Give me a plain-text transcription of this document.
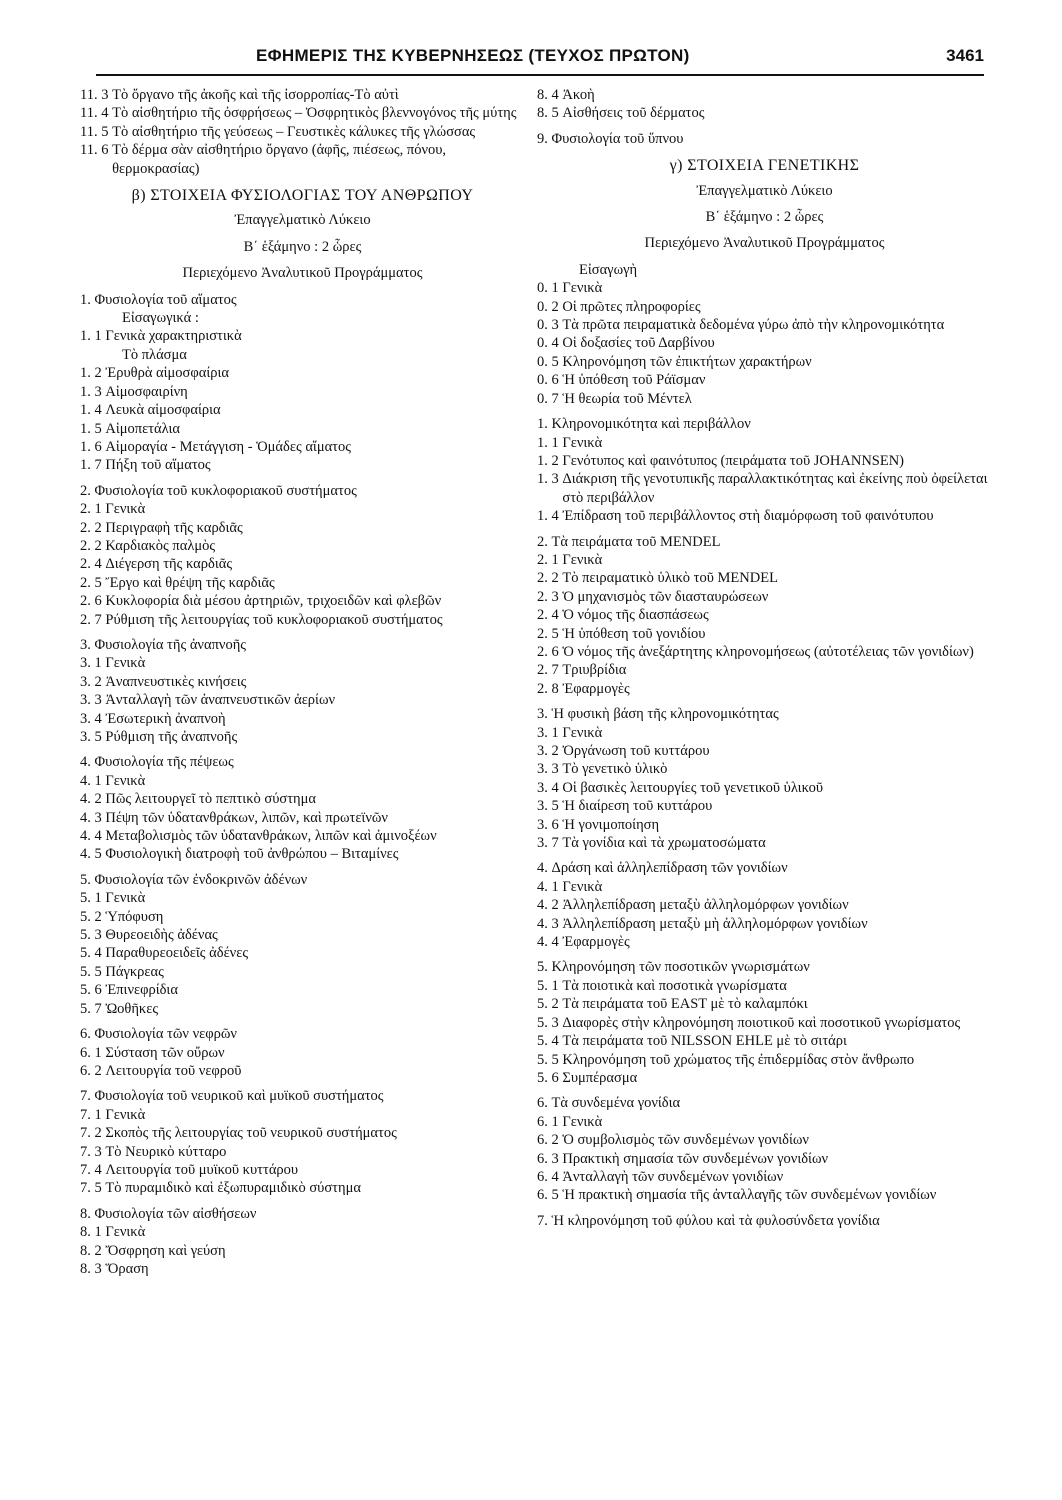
ΕΦΗΜΕΡΙΣ ΤΗΣ ΚΥΒΕΡΝΗΣΕΩΣ (ΤΕΥΧΟΣ ΠΡΩΤΟΝ)	3461
11. 3 Τὸ ὄργανο τῆς ἀκοῆς καὶ τῆς ἰσορροπίας-Τὸ αὐτὶ
11. 4 Τὸ αἰσθητήριο τῆς ὀσφρήσεως – Ὀσφρητικὸς βλεννογόνος τῆς μύτης
11. 5 Τὸ αἰσθητήριο τῆς γεύσεως – Γευστικὲς κάλυκες τῆς γλώσσας
11. 6 Τὸ δέρμα σὰν αἰσθητήριο ὄργανο (ἀφῆς, πιέσεως, πόνου, θερμοκρασίας)
β) ΣΤΟΙΧΕΙΑ ΦΥΣΙΟΛΟΓΙΑΣ ΤΟΥ ΑΝΘΡΩΠΟΥ
Ἐπαγγελματικὸ Λύκειο
Β΄ ἑξάμηνο : 2 ὧρες
Περιεχόμενο Ἀναλυτικοῦ Προγράμματος
1. Φυσιολογία τοῦ αἵματος
Εἰσαγωγικά :
1. 1 Γενικὰ χαρακτηριστικὰ
Τὸ πλάσμα
1. 2 Ἐρυθρὰ αἱμοσφαίρια
1. 3 Αἱμοσφαιρίνη
1. 4 Λευκὰ αἱμοσφαίρια
1. 5 Αἱμοπετάλια
1. 6 Αἱμοραγία - Μετάγγιση - Ὁμάδες αἵματος
1. 7 Πήξη τοῦ αἵματος
2. Φυσιολογία τοῦ κυκλοφοριακοῦ συστήματος
2. 1 Γενικὰ
2. 2 Περιγραφὴ τῆς καρδιᾶς
2. 2 Καρδιακὸς παλμὸς
2. 4 Διέγερση τῆς καρδιᾶς
2. 5 Ἔργο καὶ θρέψη τῆς καρδιᾶς
2. 6 Κυκλοφορία διὰ μέσου ἀρτηριῶν, τριχοειδῶν καὶ φλεβῶν
2. 7 Ρύθμιση τῆς λειτουργίας τοῦ κυκλοφοριακοῦ συστήματος
3. Φυσιολογία τῆς ἀναπνοῆς
3. 1 Γενικὰ
3. 2 Ἀναπνευστικὲς κινήσεις
3. 3 Ἀνταλλαγὴ τῶν ἀναπνευστικῶν ἀερίων
3. 4 Ἐσωτερικὴ ἀναπνοὴ
3. 5 Ρύθμιση τῆς ἀναπνοῆς
4. Φυσιολογία τῆς πέψεως
4. 1 Γενικὰ
4. 2 Πῶς λειτουργεῖ τὸ πεπτικὸ σύστημα
4. 3 Πέψη τῶν ὑδατανθράκων, λιπῶν, καὶ πρωτεϊνῶν
4. 4 Μεταβολισμὸς τῶν ὑδατανθράκων, λιπῶν καὶ ἀμινοξέων
4. 5 Φυσιολογικὴ διατροφὴ τοῦ ἀνθρώπου – Βιταμίνες
5. Φυσιολογία τῶν ἐνδοκρινῶν ἀδένων
5. 1 Γενικὰ
5. 2 Ὑπόφυση
5. 3 Θυρεοειδὴς ἀδένας
5. 4 Παραθυρεοειδεῖς ἀδένες
5. 5 Πάγκρεας
5. 6 Ἐπινεφρίδια
5. 7 Ὠοθῆκες
6. Φυσιολογία τῶν νεφρῶν
6. 1 Σύσταση τῶν οὔρων
6. 2 Λειτουργία τοῦ νεφροῦ
7. Φυσιολογία τοῦ νευρικοῦ καὶ μυϊκοῦ συστήματος
7. 1 Γενικὰ
7. 2 Σκοπὸς τῆς λειτουργίας τοῦ νευρικοῦ συστήματος
7. 3 Τὸ Νευρικὸ κύτταρο
7. 4 Λειτουργία τοῦ μυϊκοῦ κυττάρου
7. 5 Τὸ πυραμιδικὸ καὶ ἐξωπυραμιδικὸ σύστημα
8. Φυσιολογία τῶν αἰσθήσεων
8. 1 Γενικὰ
8. 2 Ὄσφρηση καὶ γεύση
8. 3 Ὅραση
8. 4 Ἀκοὴ
8. 5 Αἰσθήσεις τοῦ δέρματος
9. Φυσιολογία τοῦ ὕπνου
γ) ΣΤΟΙΧΕΙΑ ΓΕΝΕΤΙΚΗΣ
Ἐπαγγελματικὸ Λύκειο
Β΄ ἑξάμηνο : 2 ὧρες
Περιεχόμενο Ἀναλυτικοῦ Προγράμματος
Εἰσαγωγὴ
0. 1 Γενικὰ
0. 2 Οἱ πρῶτες πληροφορίες
0. 3 Τὰ πρῶτα πειραματικὰ δεδομένα γύρω ἀπὸ τὴν κληρονομικότητα
0. 4 Οἱ δοξασίες τοῦ Δαρβίνου
0. 5 Κληρονόμηση τῶν ἐπικτήτων χαρακτήρων
0. 6 Ἡ ὑπόθεση τοῦ Ράϊσμαν
0. 7 Ἡ θεωρία τοῦ Μέντελ
1. Κληρονομικότητα καὶ περιβάλλον
1. 1 Γενικὰ
1. 2 Γενότυπος καὶ φαινότυπος (πειράματα τοῦ JOHANNSEN)
1. 3 Διάκριση τῆς γενοτυπικῆς παραλλακτικότητας καὶ ἐκείνης ποὺ ὀφείλεται στὸ περιβάλλον
1. 4 Ἐπίδραση τοῦ περιβάλλοντος στὴ διαμόρφωση τοῦ φαινότυπου
2. Τὰ πειράματα τοῦ MENDEL
2. 1 Γενικὰ
2. 2 Τὸ πειραματικὸ ὑλικὸ τοῦ MENDEL
2. 3 Ὁ μηχανισμὸς τῶν διασταυρώσεων
2. 4 Ὁ νόμος τῆς διασπάσεως
2. 5 Ἡ ὑπόθεση τοῦ γονιδίου
2. 6 Ὁ νόμος τῆς ἀνεξάρτητης κληρονομήσεως (αὐτοτέλειας τῶν γονιδίων)
2. 7 Τριυβρίδια
2. 8 Ἐφαρμογὲς
3. Ἡ φυσικὴ βάση τῆς κληρονομικότητας
3. 1 Γενικὰ
3. 2 Ὀργάνωση τοῦ κυττάρου
3. 3 Τὸ γενετικὸ ὑλικὸ
3. 4 Οἱ βασικὲς λειτουργίες τοῦ γενετικοῦ ὑλικοῦ
3. 5 Ἡ διαίρεση τοῦ κυττάρου
3. 6 Ἡ γονιμοποίηση
3. 7 Τὰ γονίδια καὶ τὰ χρωματοσώματα
4. Δράση καὶ ἀλληλεπίδραση τῶν γονιδίων
4. 1 Γενικὰ
4. 2 Ἀλληλεπίδραση μεταξὺ ἀλληλομόρφων γονιδίων
4. 3 Ἀλληλεπίδραση μεταξὺ μὴ ἀλληλομόρφων γονιδίων
4. 4 Ἐφαρμογὲς
5. Κληρονόμηση τῶν ποσοτικῶν γνωρισμάτων
5. 1 Τὰ ποιοτικὰ καὶ ποσοτικὰ γνωρίσματα
5. 2 Τὰ πειράματα τοῦ EAST μὲ τὸ καλαμπόκι
5. 3 Διαφορὲς στὴν κληρονόμηση ποιοτικοῦ καὶ ποσοτικοῦ γνωρίσματος
5. 4 Τὰ πειράματα τοῦ NILSSON EHLE μὲ τὸ σιτάρι
5. 5 Κληρονόμηση τοῦ χρώματος τῆς ἐπιδερμίδας στὸν ἄνθρωπο
5. 6 Συμπέρασμα
6. Τὰ συνδεμένα γονίδια
6. 1 Γενικὰ
6. 2 Ὁ συμβολισμὸς τῶν συνδεμένων γονιδίων
6. 3 Πρακτικὴ σημασία τῶν συνδεμένων γονιδίων
6. 4 Ἀνταλλαγὴ τῶν συνδεμένων γονιδίων
6. 5 Ἡ πρακτικὴ σημασία τῆς ἀνταλλαγῆς τῶν συνδεμένων γονιδίων
7. Ἡ κληρονόμηση τοῦ φύλου καὶ τὰ φυλοσύνδετα γονίδια
